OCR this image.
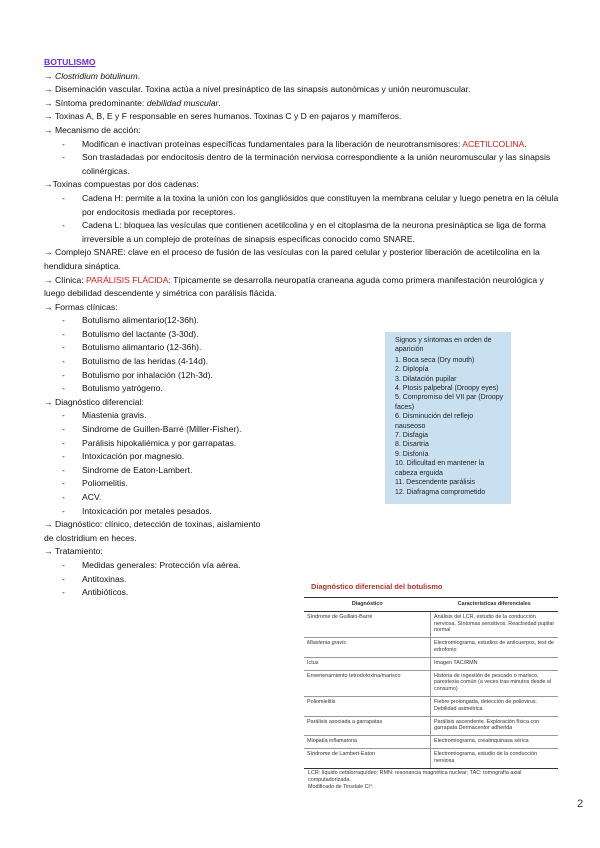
BOTULISMO
→ Clostridium botulinum.
→ Diseminación vascular. Toxina actúa a nivel presináptico de las sinapsis autonómicas y unión neuromuscular.
→ Síntoma predominante: debilidad muscular.
→ Toxinas A, B, E y F responsable en seres humanos. Toxinas C y D en pajaros y mamíferos.
→ Mecanismo de acción:
- Modifican e inactivan proteínas específicas fundamentales para la liberación de neurotransmisores: ACETILCOLINA.
- Son trasladadas por endocitosis dentro de la terminación nerviosa correspondiente a la unión neuromuscular y las sinapsis colinérgicas.
→Toxinas compuestas por dos cadenas:
- Cadena H: permite a la toxina la unión con los gangliósidos que constituyen la membrana celular y luego penetra en la célula por endocitosis mediada por receptores.
- Cadena L: bloquea las vesículas que contienen acetilcolina y en el citoplasma de la neurona presináptica se liga de forma irreversible a un complejo de proteínas de sinapsis especificas conocido como SNARE.
→ Complejo SNARE: clave en el proceso de fusión de las vesículas con la pared celular y posterior liberación de acetilcolina en la hendidura sináptica.
→ Clínica: PARÁLISIS FLÁCIDA: Típicamente se desarrolla neuropatía craneana aguda como primera manifestación neurológica y luego debilidad descendente y simétrica con parálisis flácida.
→ Formas clínicas:
- Botulismo alimentario(12-36h).
- Botulismo del lactante (3-30d).
- Botulismo alimantario (12-36h).
- Botulismo de las heridas (4-14d).
- Botulismo por inhalación (12h-3d).
- Botulismo yatrógeno.
→ Diagnóstico diferencial:
- Miastenia gravis.
- Sindrome de Guillen-Barré (Miller-Fisher).
- Parálisis hipokaliémica y por garrapatas.
- Intoxicación por magnesio.
- Sindrome de Eaton-Lambert.
- Poliomelitis.
- ACV.
- Intoxicación por metales pesados.
→ Diagnóstico: clínico, detección de toxinas, aislamiento de clostridium en heces.
→ Tratamiento:
- Medidas generales: Protección vía aérea.
- Antitoxinas.
- Antibióticos.
Signos y síntomas en orden de aparición
1. Boca seca (Dry mouth)
2. Diplopía
3. Dilatación pupilar
4. Ptosis palpebral (Droopy eyes)
5. Compromiso del VII par (Droopy faces)
6. Disminución del reflejo nauseoso
7. Disfagia
8. Disartria
9. Disfonía
10. Dificultad en mantener la cabeza erguida
11. Descendente parálisis
12. Diafragma comprometido
Diagnóstico diferencial del botulismo
Diagnóstico	Características diferenciales
Síndrome de Guillain-Barré	Análisis del LCR, estudio de la conducción nerviosa. Síntomas sensitivos. Reactividad pupilar normal
Miastenia gravis	Electromiograma, estudios de anticuerpos, test de edrofonio
Ictus	Imagen TAC/RMN
Envenenamiento tetrodotoxina/marisco	Historia de ingestión de pescado o marisco, parestesia común (a veces tras minutos desde el consumo)
Poliomielitis	Fiebre prolongada, detección de poliovirus. Debilidad asimétrica
Parálisis asociada a garrapatas	Parálisis ascendente. Exploración física con garrapata Dermacentor adherida
Miopatía inflamatoria	Electromiograma, creatinquinasa sérica
Síndrome de Lambert-Eaton	Electromiograma, estudio de la conducción nerviosa
LCR: líquido cefalorraquídeo; RMN: resonancia magnética nuclear; TAC: tomografía axial computadorizada.
Modificado de Tinsdale Cl⁴.
2
